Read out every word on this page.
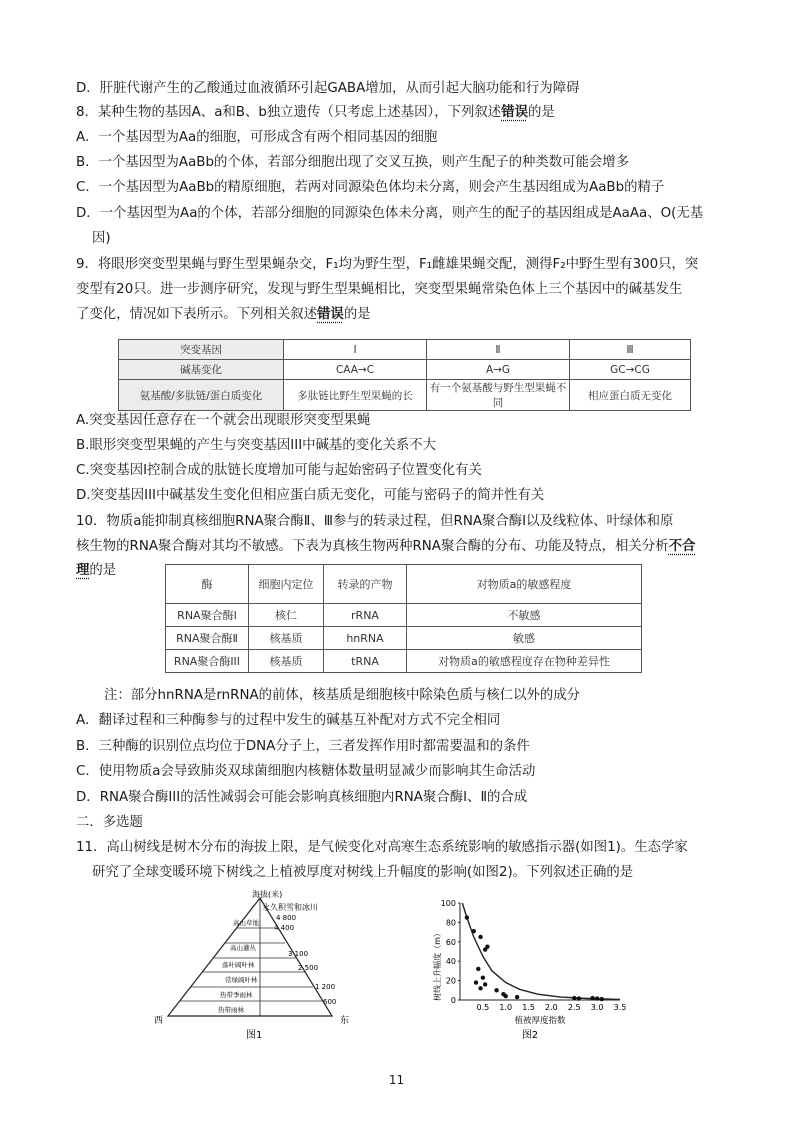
D．肝脏代谢产生的乙酸通过血液循环引起GABA增加，从而引起大脑功能和行为障碍
8．某种生物的基因A、a和B、b独立遗传（只考虑上述基因），下列叙述错误的是
A．一个基因型为Aa的细胞，可形成含有两个相同基因的细胞
B．一个基因型为AaBb的个体，若部分细胞出现了交叉互换，则产生配子的种类数可能会增多
C．一个基因型为AaBb的精原细胞，若两对同源染色体均未分离，则会产生基因组成为AaBb的精子
D．一个基因型为Aa的个体，若部分细胞的同源染色体未分离，则产生的配子的基因组成是AaAa、O(无基
因)
9．将眼形突变型果蝇与野生型果蝇杂交，F₁均为野生型，F₁雌雄果蝇交配，测得F₂中野生型有300只，突
变型有20只。进一步测序研究，发现与野生型果蝇相比，突变型果蝇常染色体上三个基因中的碱基发生
了变化，情况如下表所示。下列相关叙述错误的是
突变基因	Ⅰ	Ⅱ	Ⅲ
碱基变化	CAA→C	A→G	GC→CG
氨基酸/多肽链/蛋白质变化	多肽链比野生型果蝇的长	有一个氨基酸与野生型果蝇不同	相应蛋白质无变化
A.突变基因任意存在一个就会出现眼形突变型果蝇
B.眼形突变型果蝇的产生与突变基因III中碱基的变化关系不大
C.突变基因Ⅰ控制合成的肽链长度增加可能与起始密码子位置变化有关
D.突变基因III中碱基发生变化但相应蛋白质无变化，可能与密码子的简并性有关
10．物质a能抑制真核细胞RNA聚合酶Ⅱ、Ⅲ参与的转录过程，但RNA聚合酶Ⅰ以及线粒体、叶绿体和原
核生物的RNA聚合酶对其均不敏感。下表为真核生物两种RNA聚合酶的分布、功能及特点，相关分析不合
理的是
酶	细胞内定位	转录的产物	对物质a的敏感程度
RNA聚合酶Ⅰ	核仁	rRNA	不敏感
RNA聚合酶Ⅱ	核基质	hnRNA	敏感
RNA聚合酶III	核基质	tRNA	对物质a的敏感程度存在物种差异性
注：部分hnRNA是rnRNA的前体，核基质是细胞核中除染色质与核仁以外的成分
A．翻译过程和三种酶参与的过程中发生的碱基互补配对方式不完全相同
B．三种酶的识别位点均位于DNA分子上，三者发挥作用时都需要温和的条件
C．使用物质a会导致肺炎双球菌细胞内核糖体数量明显减少而影响其生命活动
D．RNA聚合酶III的活性减弱会可能会影响真核细胞内RNA聚合酶Ⅰ、Ⅱ的合成
二．多选题
11．高山树线是树木分布的海拔上限，是气候变化对高寒生态系统影响的敏感指示器(如图1)。生态学家
研究了全球变暖环境下树线之上植被厚度对树线上升幅度的影响(如图2)。下列叙述正确的是
海拔(米)
永久积雪和冰川
高山草地
高山灌丛
落叶阔叶林
常绿阔叶林
热带季雨林
热带雨林
4 800
4 400
3 100
2 500
1 200
600
西	东
图1
0
20
40
60
80
100
0.5 1.0 1.5 2.0 2.5 3.0 3.5
树线上升幅度（m）
植被厚度指数
图2
11
